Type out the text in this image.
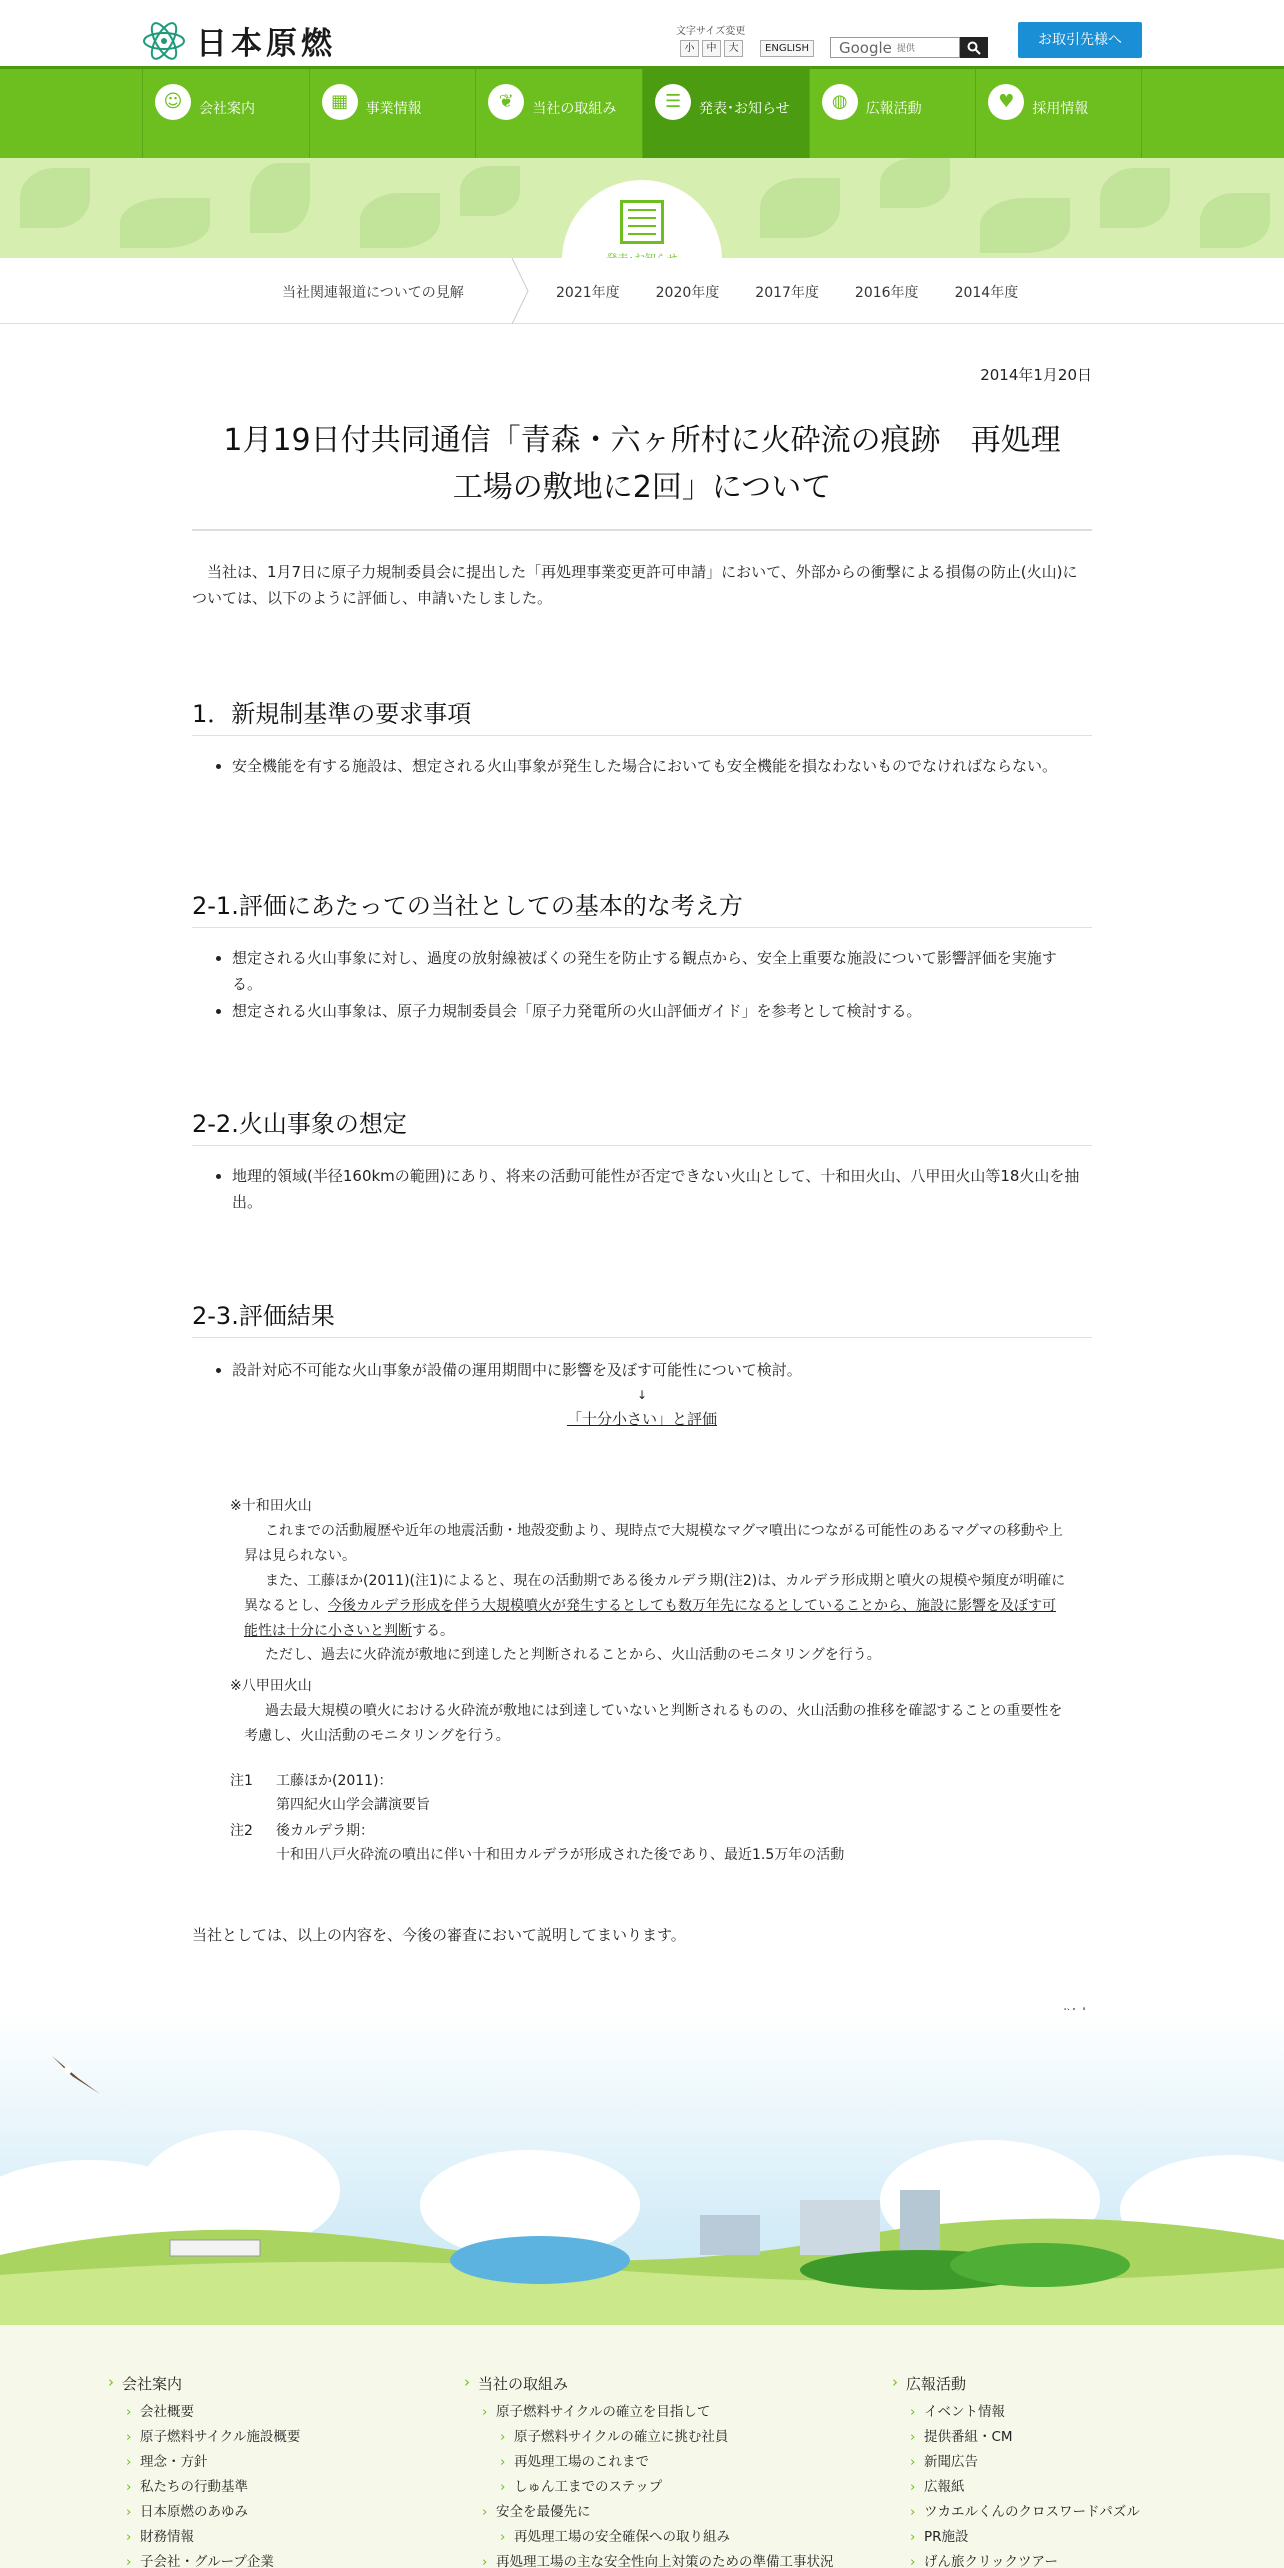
日本原燃	文字サイズ変更
小	中	大	ENGLISH	Google 提供
お取引先様へ
☺	会社案内	▦	事業情報	❦	当社の取組み	☰	発表･お知らせ	◍	広報活動	♥	採用情報
当社関連報道についての見解	2021年度	2020年度	2017年度	2016年度	2014年度
2014年1月20日
1月19日付共同通信「青森・六ヶ所村に火砕流の痕跡　再処理
工場の敷地に2回」について

当社は、1月7日に原子力規制委員会に提出した「再処理事業変更許可申請」において、外部からの衝撃による損傷の防止(火山)については、以下のように評価し、申請いたしました。

1．新規制基準の要求事項
• 安全機能を有する施設は、想定される火山事象が発生した場合においても安全機能を損なわないものでなければならない。
2-1.評価にあたっての当社としての基本的な考え方
• 想定される火山事象に対し、過度の放射線被ばくの発生を防止する観点から、安全上重要な施設について影響評価を実施する。
• 想定される火山事象は、原子力規制委員会「原子力発電所の火山評価ガイド」を参考として検討する。
2-2.火山事象の想定
• 地理的領域(半径160kmの範囲)にあり、将来の活動可能性が否定できない火山として、十和田火山、八甲田火山等18火山を抽出。
2-3.評価結果
• 設計対応不可能な火山事象が設備の運用期間中に影響を及ぼす可能性について検討。
↓
「十分小さい」と評価

※十和田火山

これまでの活動履歴や近年の地震活動・地殻変動より、現時点で大規模なマグマ噴出につながる可能性のあるマグマの移動や上昇は見られない。

また、工藤ほか(2011)(注1)によると、現在の活動期である後カルデラ期(注2)は、カルデラ形成期と噴火の規模や頻度が明確に異なるとし、今後カルデラ形成を伴う大規模噴火が発生するとしても数万年先になるとしていることから、施設に影響を及ぼす可能性は十分に小さいと判断する。

ただし、過去に火砕流が敷地に到達したと判断されることから、火山活動のモニタリングを行う。

※八甲田火山

過去最大規模の噴火における火砕流が敷地には到達していないと判断されるものの、火山活動の推移を確認することの重要性を考慮し、火山活動のモニタリングを行う。

注1	工藤ほか(2011)：
第四紀火山学会講演要旨
注2	後カルデラ期：
十和田八戸火砕流の噴出に伴い十和田カルデラが形成された後であり、最近1.5万年の活動

当社としては、以上の内容を、今後の審査において説明してまいります。

› 会社案内
› 会社概要
› 原子燃料サイクル施設概要
› 理念・方針
› 私たちの行動基準
› 日本原燃のあゆみ
› 財務情報
› 子会社・グループ企業
› 当社の取組み
› 原子燃料サイクルの確立を目指して
› 原子燃料サイクルの確立に挑む社員
› 再処理工場のこれまで
› しゅん工までのステップ
› 安全を最優先に
› 再処理工場の安全確保への取り組み
› 再処理工場の主な安全性向上対策のための準備工事状況
› 広報活動
› イベント情報
› 提供番組・CM
› 新聞広告
› 広報紙
› ツカエルくんのクロスワードパズル
› PR施設
› げん旅クリックツアー
